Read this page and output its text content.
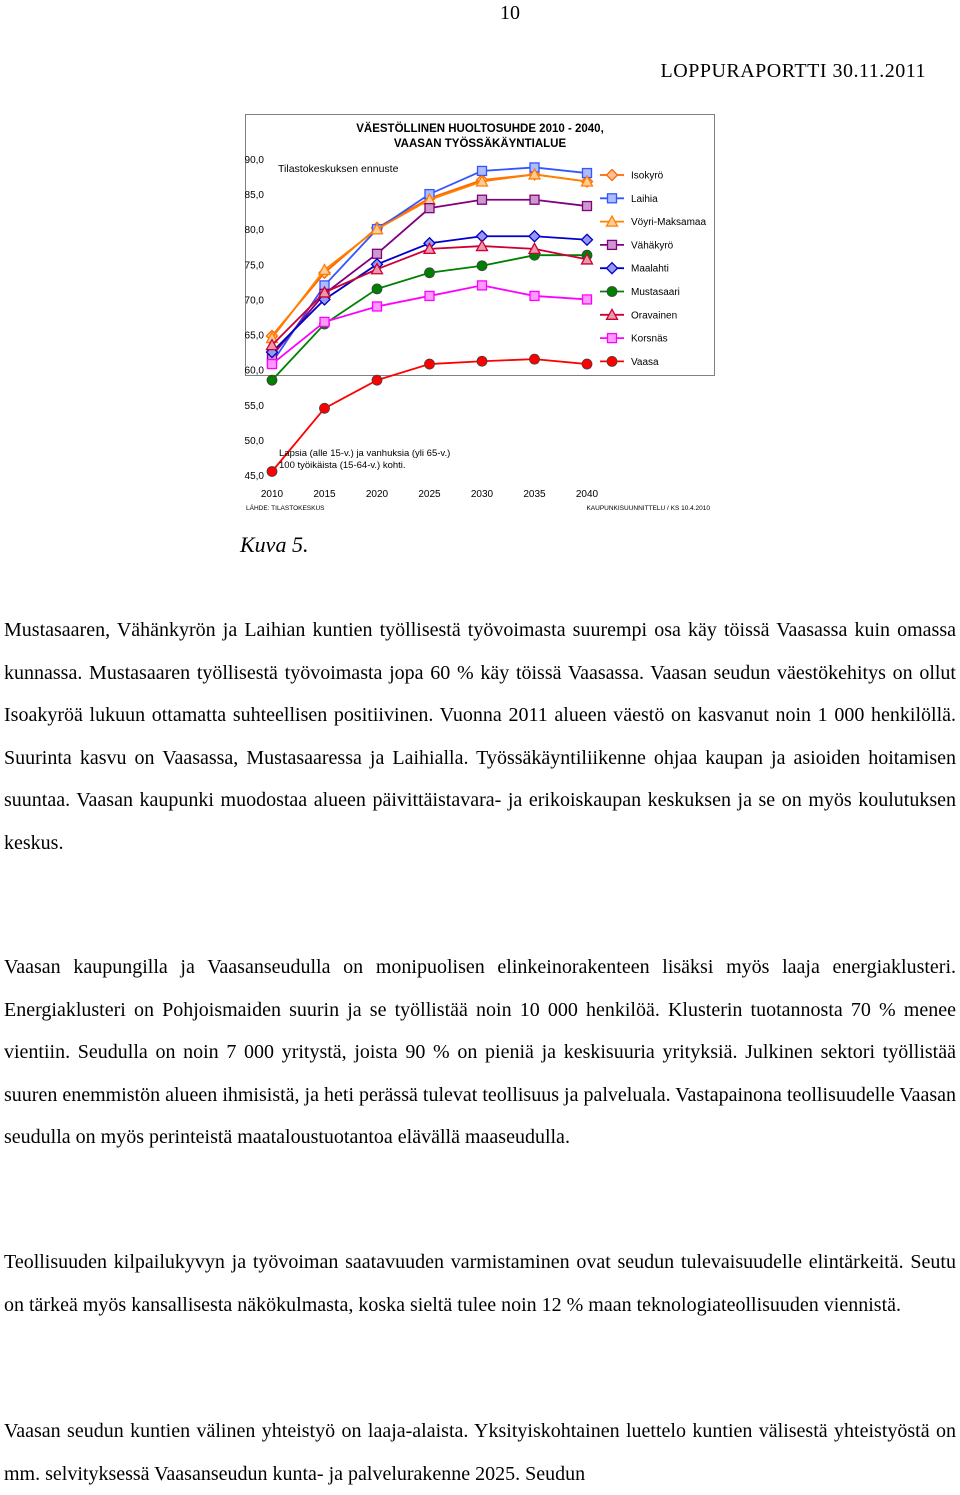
10
LOPPURAPORTTI 30.11.2011
VÄESTÖLLINEN HUOLTOSUHDE 2010 - 2040,
VAASAN TYÖSSÄKÄYNTIALUE
Tilastokeskuksen ennuste
45,0
50,0
55,0
60,0
65,0
70,0
75,0
80,0
85,0
90,0
2010	2015	2020	2025	2030	2035	2040
LÄHDE: TILASTOKESKUS	KAUPUNKISUUNNITTELU / KS 10.4.2010
Isokyrö
Laihia
Vöyri-Maksamaa
Vähäkyrö
Maalahti
Mustasaari
Oravainen
Korsnäs
Vaasa
Lapsia (alle 15-v.) ja vanhuksia (yli 65-v.)
100 työikäista (15-64-v.) kohti.
Kuva 5.
Mustasaaren, Vähänkyrön ja Laihian kuntien työllisestä työvoimasta suurempi osa käy töissä Vaasassa kuin omassa kunnassa. Mustasaaren työllisestä työvoimasta jopa 60 % käy töissä Vaasassa. Vaasan seudun väestökehitys on ollut Isoakyröä lukuun ottamatta suhteellisen positiivinen. Vuonna 2011 alueen väestö on kasvanut noin 1 000 henkilöllä. Suurinta kasvu on Vaasassa, Mustasaaressa ja Laihialla. Työssäkäyntiliikenne ohjaa kaupan ja asioiden hoitamisen suuntaa. Vaasan kaupunki muodostaa alueen päivittäistavara- ja erikoiskaupan keskuksen ja se on myös koulutuksen keskus.
Vaasan kaupungilla ja Vaasanseudulla on monipuolisen elinkeinorakenteen lisäksi myös laaja energiaklusteri. Energiaklusteri on Pohjoismaiden suurin ja se työllistää noin 10 000 henkilöä. Klusterin tuotannosta 70 % menee vientiin. Seudulla on noin 7 000 yritystä, joista 90 % on pieniä ja keskisuuria yrityksiä. Julkinen sektori työllistää suuren enemmistön alueen ihmisistä, ja heti perässä tulevat teollisuus ja palveluala. Vastapainona teollisuudelle Vaasan seudulla on myös perinteistä maataloustuotantoa elävällä maaseudulla.
Teollisuuden kilpailukyvyn ja työvoiman saatavuuden varmistaminen ovat seudun tulevaisuudelle elintärkeitä. Seutu on tärkeä myös kansallisesta näkökulmasta, koska sieltä tulee noin 12 % maan teknologiateollisuuden viennistä.
Vaasan seudun kuntien välinen yhteistyö on laaja-alaista. Yksityiskohtainen luettelo kuntien välisestä yhteistyöstä on mm. selvityksessä Vaasanseudun kunta- ja palvelurakenne 2025. Seudun
